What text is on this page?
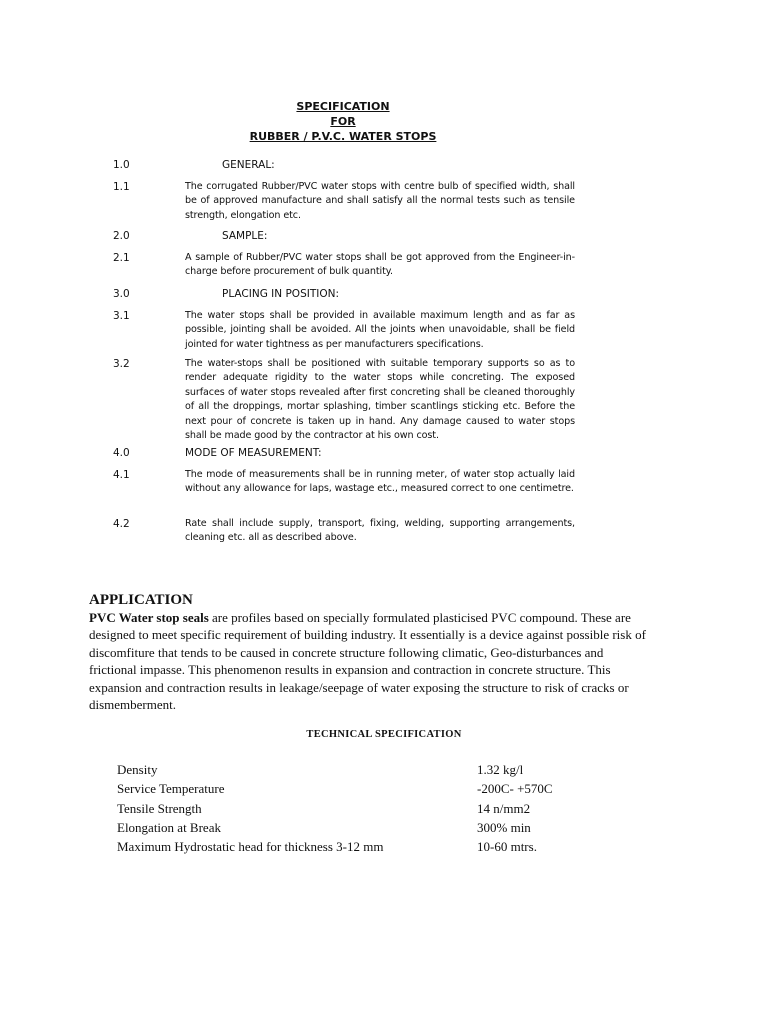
SPECIFICATION
FOR
RUBBER / P.V.C. WATER STOPS
1.0	GENERAL:
1.1	The corrugated Rubber/PVC water stops with centre bulb of specified width, shall be of approved manufacture and shall satisfy all the normal tests such as tensile strength, elongation etc.
2.0	SAMPLE:
2.1	A sample of Rubber/PVC water stops shall be got approved from the Engineer-in-charge before procurement of bulk quantity.
3.0	PLACING IN POSITION:
3.1	The water stops shall be provided in available maximum length and as far as possible, jointing shall be avoided. All the joints when unavoidable, shall be field jointed for water tightness as per manufacturers specifications.
3.2	The water-stops shall be positioned with suitable temporary supports so as to render adequate rigidity to the water stops while concreting. The exposed surfaces of water stops revealed after first concreting shall be cleaned thoroughly of all the droppings, mortar splashing, timber scantlings sticking etc. Before the next pour of concrete is taken up in hand. Any damage caused to water stops shall be made good by the contractor at his own cost.
4.0	MODE OF MEASUREMENT:
4.1	The mode of measurements shall be in running meter, of water stop actually laid without any allowance for laps, wastage etc., measured correct to one centimetre.
4.2	Rate shall include supply, transport, fixing, welding, supporting arrangements, cleaning etc. all as described above.
APPLICATION
PVC Water stop seals are profiles based on specially formulated plasticised PVC compound. These are designed to meet specific requirement of building industry. It essentially is a device against possible risk of discomfiture that tends to be caused in concrete structure following climatic, Geo-disturbances and frictional impasse. This phenomenon results in expansion and contraction in concrete structure. This expansion and contraction results in leakage/seepage of water exposing the structure to risk of cracks or dismemberment.
TECHNICAL SPECIFICATION
Density	1.32 kg/l
Service Temperature	-200C- +570C
Tensile Strength	14 n/mm2
Elongation at Break	300% min
Maximum Hydrostatic head for thickness 3-12 mm	10-60 mtrs.
